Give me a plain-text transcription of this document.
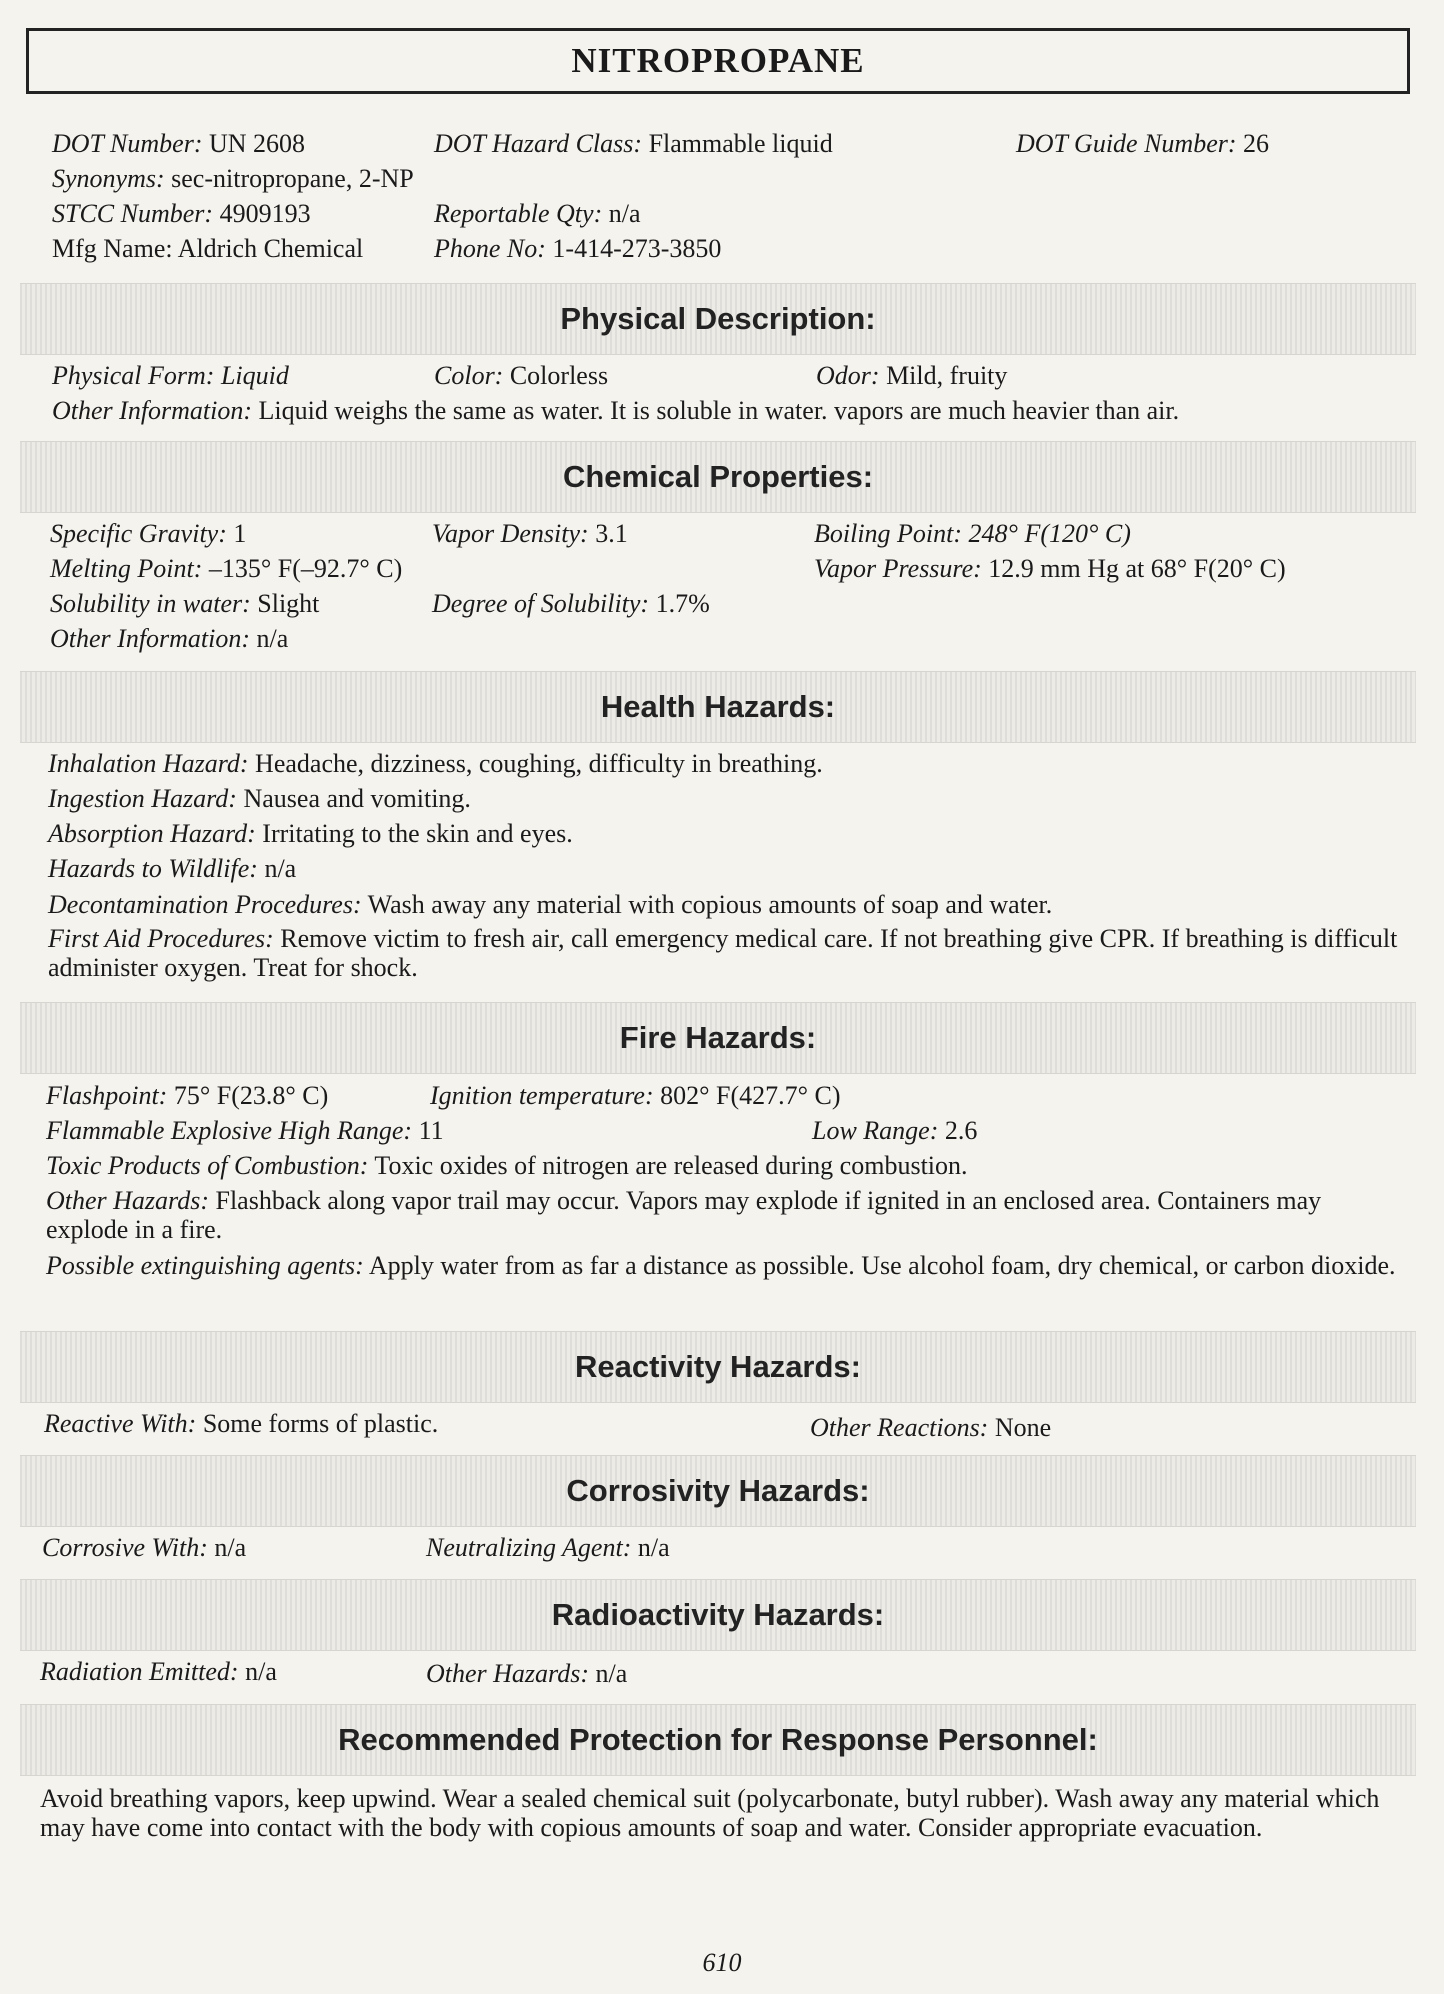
NITROPROPANE
DOT Number: UN 2608	DOT Hazard Class: Flammable liquid	DOT Guide Number: 26
Synonyms: sec-nitropropane, 2-NP
STCC Number: 4909193	Reportable Qty: n/a
Mfg Name: Aldrich Chemical	Phone No: 1-414-273-3850
Physical Description:
Physical Form: Liquid	Color: Colorless	Odor: Mild, fruity
Other Information: Liquid weighs the same as water. It is soluble in water. vapors are much heavier than air.
Chemical Properties:
Specific Gravity: 1	Vapor Density: 3.1	Boiling Point: 248° F(120° C)
Melting Point: –135° F(–92.7° C)	Vapor Pressure: 12.9 mm Hg at 68° F(20° C)
Solubility in water: Slight	Degree of Solubility: 1.7%
Other Information: n/a
Health Hazards:
Inhalation Hazard: Headache, dizziness, coughing, difficulty in breathing.
Ingestion Hazard: Nausea and vomiting.
Absorption Hazard: Irritating to the skin and eyes.
Hazards to Wildlife: n/a
Decontamination Procedures: Wash away any material with copious amounts of soap and water.
First Aid Procedures: Remove victim to fresh air, call emergency medical care. If not breathing give CPR. If breathing is difficult administer oxygen. Treat for shock.
Fire Hazards:
Flashpoint: 75° F(23.8° C)	Ignition temperature: 802° F(427.7° C)
Flammable Explosive High Range: 11	Low Range: 2.6
Toxic Products of Combustion: Toxic oxides of nitrogen are released during combustion.
Other Hazards: Flashback along vapor trail may occur. Vapors may explode if ignited in an enclosed area. Containers may explode in a fire.
Possible extinguishing agents: Apply water from as far a distance as possible. Use alcohol foam, dry chemical, or carbon dioxide.
Reactivity Hazards:
Reactive With: Some forms of plastic.	Other Reactions: None
Corrosivity Hazards:
Corrosive With: n/a	Neutralizing Agent: n/a
Radioactivity Hazards:
Radiation Emitted: n/a	Other Hazards: n/a
Recommended Protection for Response Personnel:
Avoid breathing vapors, keep upwind. Wear a sealed chemical suit (polycarbonate, butyl rubber). Wash away any material which may have come into contact with the body with copious amounts of soap and water. Consider appropriate evacuation.
610
